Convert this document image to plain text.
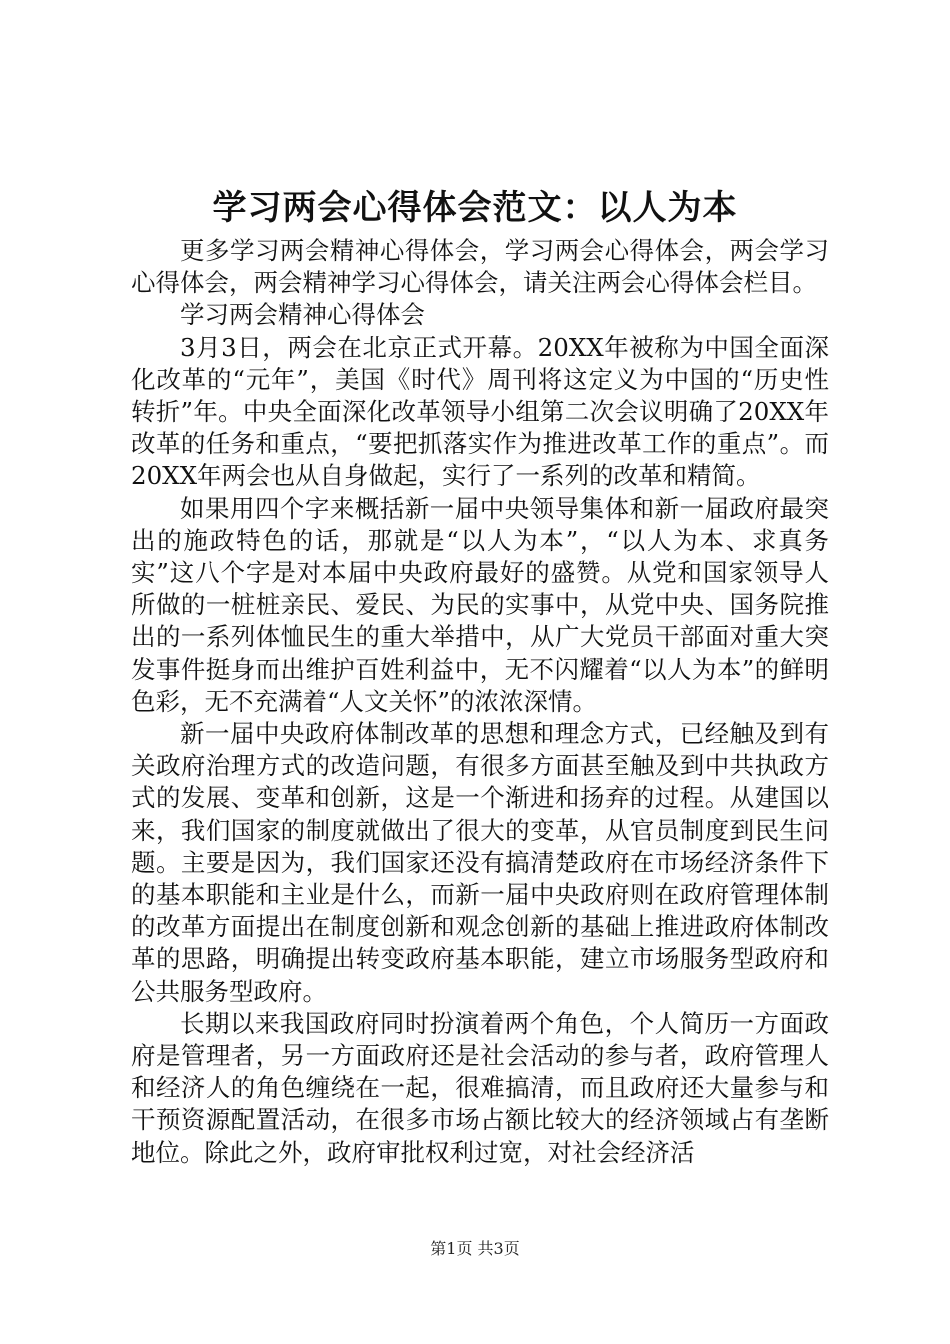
学习两会心得体会范文：以人为本

更多学习两会精神心得体会，学习两会心得体会，两会学习心得体会，两会精神学习心得体会，请关注两会心得体会栏目。

学习两会精神心得体会

3月3日，两会在北京正式开幕。20XX年被称为中国全面深化改革的“元年”，美国《时代》周刊将这定义为中国的“历史性转折”年。中央全面深化改革领导小组第二次会议明确了20XX年改革的任务和重点，“要把抓落实作为推进改革工作的重点”。而20XX年两会也从自身做起，实行了一系列的改革和精简。

如果用四个字来概括新一届中央领导集体和新一届政府最突出的施政特色的话，那就是“以人为本”，“以人为本、求真务实”这八个字是对本届中央政府最好的盛赞。从党和国家领导人所做的一桩桩亲民、爱民、为民的实事中，从党中央、国务院推出的一系列体恤民生的重大举措中，从广大党员干部面对重大突发事件挺身而出维护百姓利益中，无不闪耀着“以人为本”的鲜明色彩，无不充满着“人文关怀”的浓浓深情。

新一届中央政府体制改革的思想和理念方式，已经触及到有关政府治理方式的改造问题，有很多方面甚至触及到中共执政方式的发展、变革和创新，这是一个渐进和扬弃的过程。从建国以来，我们国家的制度就做出了很大的变革，从官员制度到民生问题。主要是因为，我们国家还没有搞清楚政府在市场经济条件下的基本职能和主业是什么，而新一届中央政府则在政府管理体制的改革方面提出在制度创新和观念创新的基础上推进政府体制改革的思路，明确提出转变政府基本职能，建立市场服务型政府和公共服务型政府。

长期以来我国政府同时扮演着两个角色，个人简历一方面政府是管理者，另一方面政府还是社会活动的参与者，政府管理人和经济人的角色缠绕在一起，很难搞清，而且政府还大量参与和干预资源配置活动，在很多市场占额比较大的经济领域占有垄断地位。除此之外，政府审批权利过宽，对社会经济活

第1页 共3页
